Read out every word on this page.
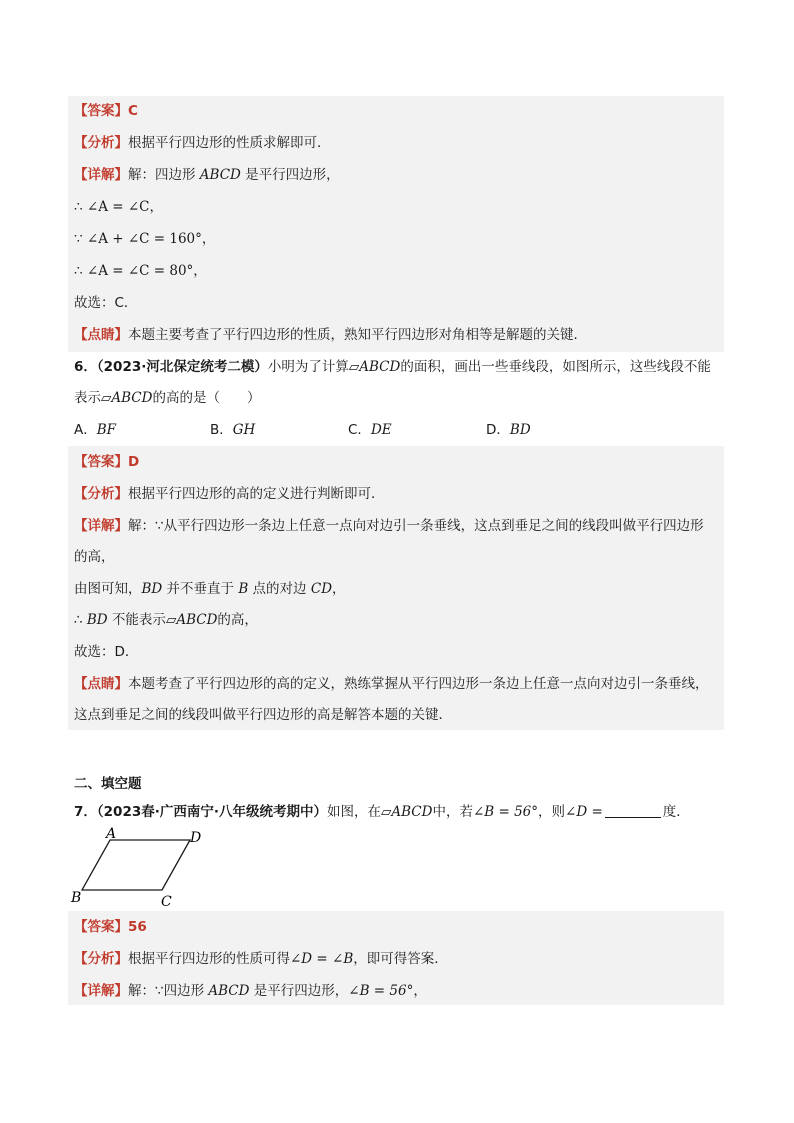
【答案】C
【分析】根据平行四边形的性质求解即可．
【详解】解：四边形 ABCD 是平行四边形，
∴ ∠A = ∠C，
∵ ∠A + ∠C = 160°，
∴ ∠A = ∠C = 80°，
故选：C．
【点睛】本题主要考查了平行四边形的性质，熟知平行四边形对角相等是解题的关键．
6．（2023·河北保定统考二模）小明为了计算▱ABCD的面积，画出一些垂线段，如图所示，这些线段不能
表示▱ABCD的高的是（　　）
A．BF	B．GH	C．DE	D．BD
【答案】D
【分析】根据平行四边形的高的定义进行判断即可．
【详解】解：∵从平行四边形一条边上任意一点向对边引一条垂线，这点到垂足之间的线段叫做平行四边形
的高，
由图可知，BD 并不垂直于 B 点的对边 CD，
∴ BD 不能表示▱ABCD的高，
故选：D．
【点睛】本题考查了平行四边形的高的定义，熟练掌握从平行四边形一条边上任意一点向对边引一条垂线，
这点到垂足之间的线段叫做平行四边形的高是解答本题的关键．
二、填空题
7．（2023春·广西南宁·八年级统考期中）如图，在▱ABCD中，若∠B = 56°，则∠D =	度．
A	D
B	C
【答案】56
【分析】根据平行四边形的性质可得∠D = ∠B，即可得答案．
【详解】解：∵四边形 ABCD 是平行四边形，∠B = 56°，
